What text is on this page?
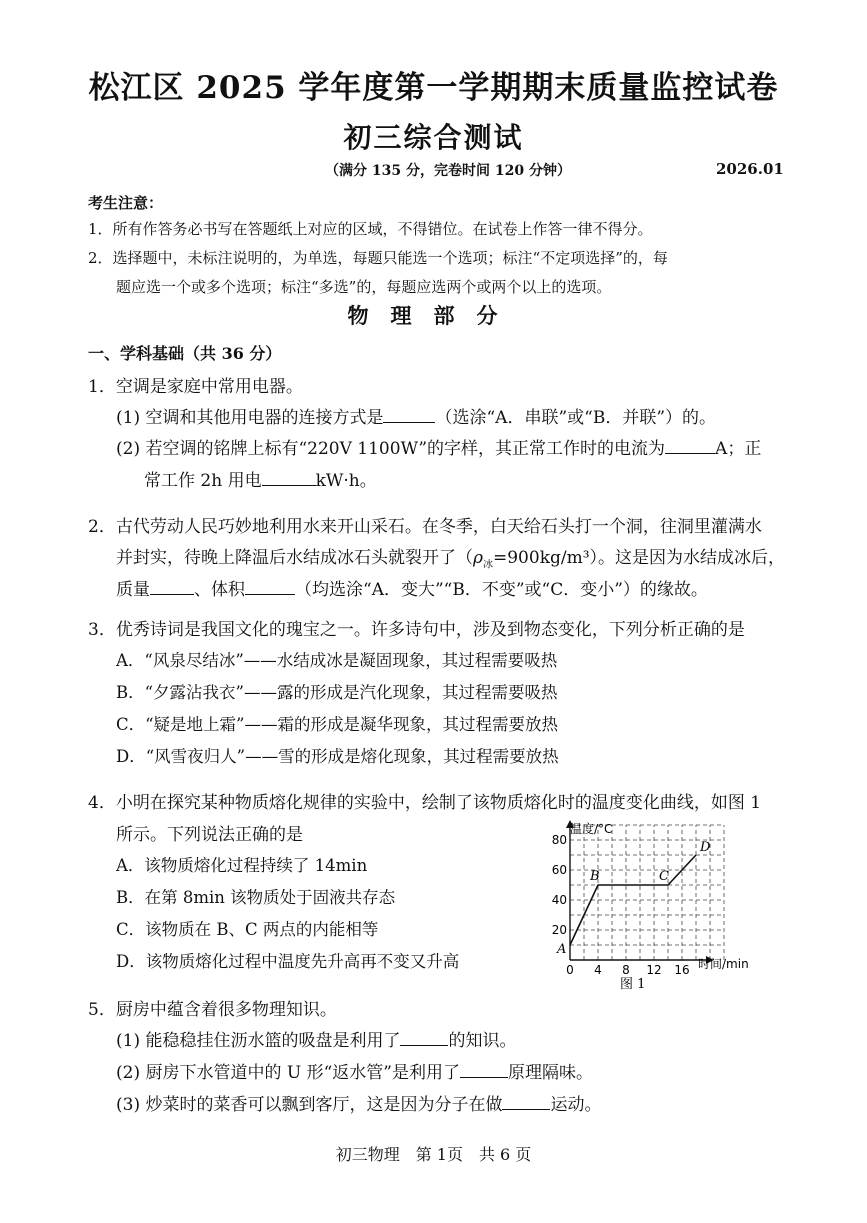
松江区 2025 学年度第一学期期末质量监控试卷
初三综合测试
（满分 135 分，完卷时间 120 分钟）	2026.01
考生注意：
1．所有作答务必书写在答题纸上对应的区域，不得错位。在试卷上作答一律不得分。
2．选择题中，未标注说明的，为单选，每题只能选一个选项；标注“不定项选择”的，每
题应选一个或多个选项；标注“多选”的，每题应选两个或两个以上的选项。
物理部分
一、学科基础（共 36 分）
1．空调是家庭中常用电器。
(1) 空调和其他用电器的连接方式是	（选涂“A．串联”或“B．并联”）的。
(2) 若空调的铭牌上标有“220V 1100W”的字样，其正常工作时的电流为	A；正
常工作 2h 用电	kW·h。
2．古代劳动人民巧妙地利用水来开山采石。在冬季，白天给石头打一个洞，往洞里灌满水
并封实，待晚上降温后水结成冰石头就裂开了$(\rho_冰=900kg/m^3)$。这是因为水结成冰后，
质量	、体积	（均选涂“A．变大”“B．不变”或“C．变小”）的缘故。
3．优秀诗词是我国文化的瑰宝之一。许多诗句中，涉及到物态变化，下列分析正确的是
A．“风泉尽结冰”——水结成冰是凝固现象，其过程需要吸热
B．“夕露沾我衣”——露的形成是汽化现象，其过程需要吸热
C．“疑是地上霜”——霜的形成是凝华现象，其过程需要放热
D．“风雪夜归人”——雪的形成是熔化现象，其过程需要放热
4．小明在探究某种物质熔化规律的实验中，绘制了该物质熔化时的温度变化曲线，如图 1
所示。下列说法正确的是
A．该物质熔化过程持续了 14min
B．在第 8min 该物质处于固液共存态
C．该物质在 B、C 两点的内能相等
D．该物质熔化过程中温度先升高再不变又升高
温度/°C
时间/min
20
40
60
80
0 4 8 12 16
A
B	C
D
图 1
5．厨房中蕴含着很多物理知识。
(1) 能稳稳挂住沥水篮的吸盘是利用了	的知识。
(2) 厨房下水管道中的 U 形“返水管”是利用了	原理隔味。
(3) 炒菜时的菜香可以飘到客厅，这是因为分子在做	运动。
初三物理　第 1页　共 6 页
